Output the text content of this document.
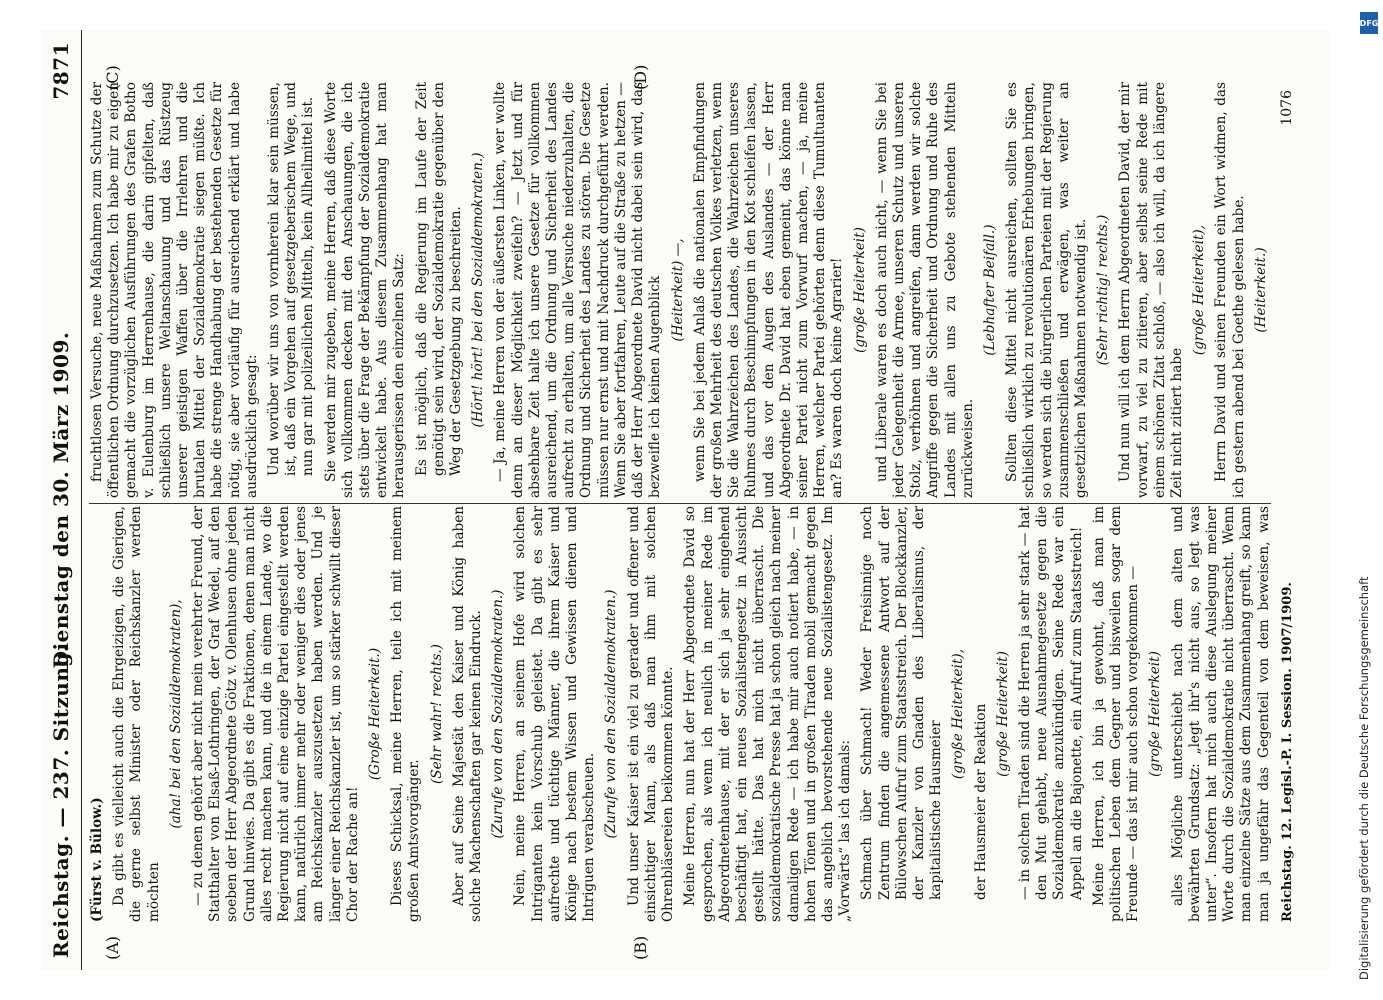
Reichstag. — 237. Sitzung.
Dienstag den 30. März 1909.
7871
(A)	(B)
(C)	(D)

(Fürst v. Bülow.) Da gibt es vielleicht auch die Ehrgeizigen, die Gierigen, die gerne selbst Minister oder Reichskanzler werden möchten

(aha! bei den Sozialdemokraten), — zu denen gehört aber nicht mein verehrter Freund, der Statthalter von Elsaß-Lothringen, der Graf Wedel, auf den soeben der Herr Abgeordnete Götz v. Olenhusen ohne jeden Grund hinwies. Da gibt es die Fraktionen, denen man nicht alles recht machen kann, und die in einem Lande, wo die Regierung nicht auf eine einzige Partei eingestellt werden kann, natürlich immer mehr oder weniger dies oder jenes am Reichskanzler auszusetzen haben werden. Und je länger einer Reichskanzler ist, um so stärker schwillt dieser Chor der Rache an!

(Große Heiterkeit.) Dieses Schicksal, meine Herren, teile ich mit meinem großen Amtsvorgänger.

(Sehr wahr! rechts.) Aber auf Seine Majestät den Kaiser und König haben solche Machenschaften gar keinen Eindruck. (Zurufe von den Sozialdemokraten.) Nein, meine Herren, an seinem Hofe wird solchen Intriganten kein Vorschub geleistet. Da gibt es sehr aufrechte und tüchtige Männer, die ihrem Kaiser und Könige nach bestem Wissen und Gewissen dienen und Intriguen verabscheuen. (Zurufe von den Sozialdemokraten.) Und unser Kaiser ist ein viel zu gerader und offener und einsichtiger Mann, als daß man ihm mit solchen Ohrenbläsereien beikommen könnte. Meine Herren, nun hat der Herr Abgeordnete David so gesprochen, als wenn ich neulich in meiner Rede im Abgeordnetenhause, mit der er sich ja sehr eingehend beschäftigt hat, ein neues Sozialistengesetz in Aussicht gestellt hätte. Das hat mich nicht überrascht. Die sozialdemokratische Presse hat ja schon gleich nach meiner damaligen Rede — ich habe mir auch notiert habe, — in hohen Tönen und in großen Tiraden mobil gemacht gegen das angeblich bevorstehende neue Sozialistengesetz. Im „Vorwärts“ las ich damals: Schmach über Schmach! Weder Freisinnige noch Zentrum finden die angemessene Antwort auf der Bülowschen Aufruf zum Staatsstreich. Der Blockkanzler, der Kanzler von Gnaden des Liberalismus, der kapitalistische Hausmeier

(große Heiterkeit), der Hausmeier der Reaktion (große Heiterkeit) — in solchen Tiraden sind die Herren ja sehr stark — hat den Mut gehabt, neue Ausnahmegesetze gegen die Sozialdemokratie anzukündigen. Seine Rede war ein Appell an die Bajonette, ein Aufruf zum Staatsstreich! Meine Herren, ich bin ja gewohnt, daß man im politischen Leben dem Gegner und bisweilen sogar dem Freunde — das ist mir auch schon vorgekommen — (große Heiterkeit)

alles Mögliche unterschiebt nach dem alten und bewährten Grundsatz: „legt ihr's nicht aus, so legt was unter“. Insofern hat mich auch diese Auslegung meiner Worte durch die Sozialdemokratie nicht überrascht. Wenn man einzelne Sätze aus dem Zusammenhang greift, so kann man ja ungefähr das Gegenteil von dem beweisen, was

fruchtlosen Versuche, neue Maßnahmen zum Schutze der öffentlichen Ordnung durchzusetzen. Ich habe mir zu eigen gemacht die vorzüglichen Ausführungen des Grafen Botho v. Eulenburg im Herrenhause, die darin gipfelten, daß schließlich unsere Weltanschauung und das Rüstzeug unserer geistigen Waffen über die Irrlehren und die brutalen Mittel der Sozialdemokratie siegen müßte. Ich habe die strenge Handhabung der bestehenden Gesetze für nötig, sie aber vorläufig für ausreichend erklärt und habe ausdrücklich gesagt: Und worüber wir uns von vornherein klar sein müssen, ist, daß ein Vorgehen auf gesetzgeberischem Wege, und nun gar mit polizeilichen Mitteln, kein Allheilmittel ist. Sie werden mir zugeben, meine Herren, daß diese Worte sich vollkommen decken mit den Anschauungen, die ich stets über die Frage der Bekämpfung der Sozialdemokratie entwickelt habe. Aus diesem Zusammenhang hat man herausgerissen den einzelnen Satz: Es ist möglich, daß die Regierung im Laufe der Zeit genötigt sein wird, der Sozialdemokratie gegenüber den Weg der Gesetzgebung zu beschreiten. (Hört! hört! bei den Sozialdemokraten.) — Ja, meine Herren von der äußersten Linken, wer wollte denn an dieser Möglichkeit zweifeln? — Jetzt und für absehbare Zeit halte ich unsere Gesetze für vollkommen ausreichend, um die Ordnung und Sicherheit des Landes aufrecht zu erhalten, um alle Versuche niederzuhalten, die Ordnung und Sicherheit des Landes zu stören. Die Gesetze müssen nur ernst und mit Nachdruck durchgeführt werden. Wenn Sie aber fortfahren, Leute auf die Straße zu hetzen — daß der Herr Abgeordnete David nicht dabei sein wird, das bezweifle ich keinen Augenblick (Heiterkeit) —, wenn Sie bei jedem Anlaß die nationalen Empfindungen der großen Mehrheit des deutschen Volkes verletzen, wenn Sie die Wahrzeichen des Landes, die Wahrzeichen unseres Ruhmes durch Beschimpfungen in den Kot schleifen lassen, und das vor den Augen des Auslandes — der Herr Abgeordnete Dr. David hat eben gemeint, das könne man seiner Partei nicht zum Vorwurf machen, — ja, meine Herren, welcher Partei gehörten denn diese Tumultuanten an? Es waren doch keine Agrarier! (große Heiterkeit) und Liberale waren es doch auch nicht, — wenn Sie bei jeder Gelegenheit die Armee, unseren Schutz und unseren Stolz, verhöhnen und angreifen, dann werden wir solche Angriffe gegen die Sicherheit und Ordnung und Ruhe des Landes mit allen uns zu Gebote stehenden Mitteln zurückweisen.

(Lebhafter Beifall.) Sollten diese Mittel nicht ausreichen, sollten Sie es schließlich wirklich zu revolutionären Erhebungen bringen, so werden sich die bürgerlichen Parteien mit der Regierung zusammenschließen und erwägen, was weiter an gesetzlichen Maßnahmen notwendig ist. (Sehr richtig! rechts.) Und nun will ich dem Herrn Abgeordneten David, der mir vorwarf, zu viel zu zitieren, aber selbst seine Rede mit einem schönen Zitat schloß, — also ich will, da ich längere Zeit nicht zitiert habe

(große Heiterkeit), Herrn David und seinen Freunden ein Wort widmen, das ich gestern abend bei Goethe gelesen habe. (Heiterkeit.)

Reichstag. 12. Legisl.-P. I. Session. 1907/1909.
1076
DFG
Digitalisierung gefördert durch die Deutsche Forschungsgemeinschaft
